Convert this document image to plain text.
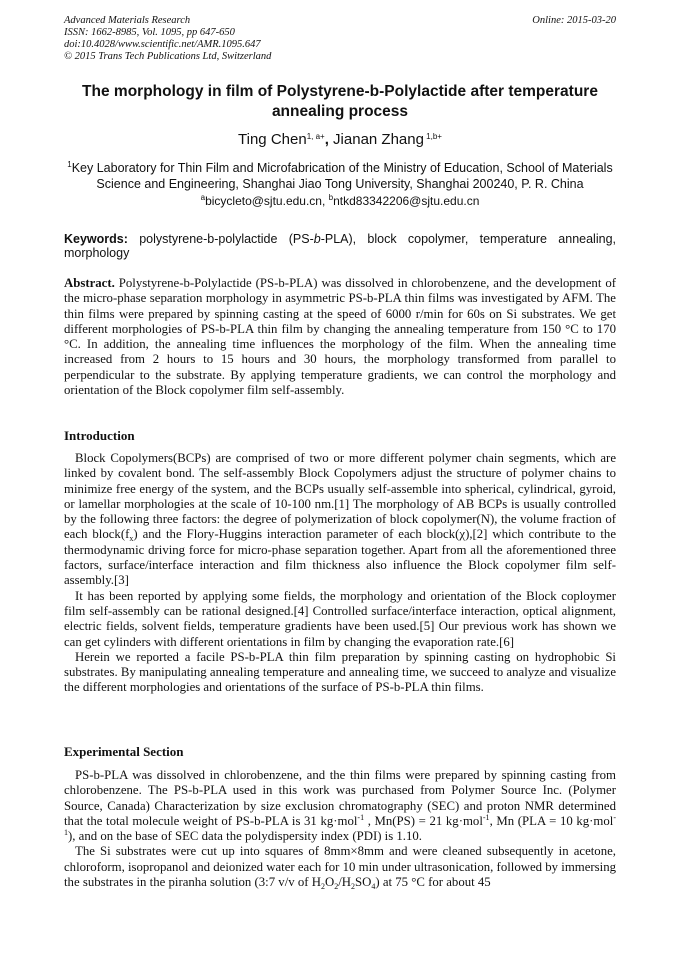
Advanced Materials Research
ISSN: 1662-8985, Vol. 1095, pp 647-650
doi:10.4028/www.scientific.net/AMR.1095.647
© 2015 Trans Tech Publications Ltd, Switzerland
Online: 2015-03-20
The morphology in film of Polystyrene-b-Polylactide after temperature annealing process
Ting Chen$^{1, a+}$, Jianan Zhang $^{1,b+}$
$^1$Key Laboratory for Thin Film and Microfabrication of the Ministry of Education, School of Materials Science and Engineering, Shanghai Jiao Tong University, Shanghai 200240, P. R. China
$^a$bicycleto@sjtu.edu.cn, $^b$ntkd83342206@sjtu.edu.cn
Keywords: polystyrene-b-polylactide (PS-b-PLA), block copolymer, temperature annealing, morphology
Abstract. Polystyrene-b-Polylactide (PS-b-PLA) was dissolved in chlorobenzene, and the development of the micro-phase separation morphology in asymmetric PS-b-PLA thin films was investigated by AFM. The thin films were prepared by spinning casting at the speed of 6000 r/min for 60s on Si substrates. We get different morphologies of PS-b-PLA thin film by changing the annealing temperature from 150 °C to 170 °C. In addition, the annealing time influences the morphology of the film. When the annealing time increased from 2 hours to 15 hours and 30 hours, the morphology transformed from parallel to perpendicular to the substrate. By applying temperature gradients, we can control the morphology and orientation of the Block copolymer film self-assembly.
Introduction

Block Copolymers(BCPs) are comprised of two or more different polymer chain segments, which are linked by covalent bond. The self-assembly Block Copolymers adjust the structure of polymer chains to minimize free energy of the system, and the BCPs usually self-assemble into spherical, cylindrical, gyroid, or lamellar morphologies at the scale of 10-100 nm.[1] The morphology of AB BCPs is usually controlled by the following three factors: the degree of polymerization of block copolymer(N), the volume fraction of each $block(f_x)$ and the Flory-Huggins interaction parameter of each block(χ),[2] which contribute to the thermodynamic driving force for micro-phase separation together. Apart from all the aforementioned three factors, surface/interface interaction and film thickness also influence the Block copolymer film self-assembly.[3]

It has been reported by applying some fields, the morphology and orientation of the Block coploymer film self-assembly can be rational designed.[4] Controlled surface/interface interaction, optical alignment, electric fields, solvent fields, temperature gradients have been used.[5] Our previous work has shown we can get cylinders with different orientations in film by changing the evaporation rate.[6]

Herein we reported a facile PS-b-PLA thin film preparation by spinning casting on hydrophobic Si substrates. By manipulating annealing temperature and annealing time, we succeed to analyze and visualize the different morphologies and orientations of the surface of PS-b-PLA thin films.

Experimental Section

PS-b-PLA was dissolved in chlorobenzene, and the thin films were prepared by spinning casting from chlorobenzene. The PS-b-PLA used in this work was purchased from Polymer Source Inc. (Polymer Source, Canada) Characterization by size exclusion chromatography (SEC) and proton NMR determined that the total molecule weight of PS-b-PLA is 31 kg·mol$^{-1}$ , Mn(PS) = 21 kg·mol$^{-1}$, Mn (PLA = 10 kg·mol$^{-1}$), and on the base of SEC data the polydispersity index (PDI) is 1.10.

The Si substrates were cut up into squares of 8mm×8mm and were cleaned subsequently in acetone, chloroform, isopropanol and deionized water each for 10 min under ultrasonication, followed by immersing the substrates in the piranha solution (3:7 v/v of $H_2O_2/H_2SO_4$) at 75 °C for about 45
